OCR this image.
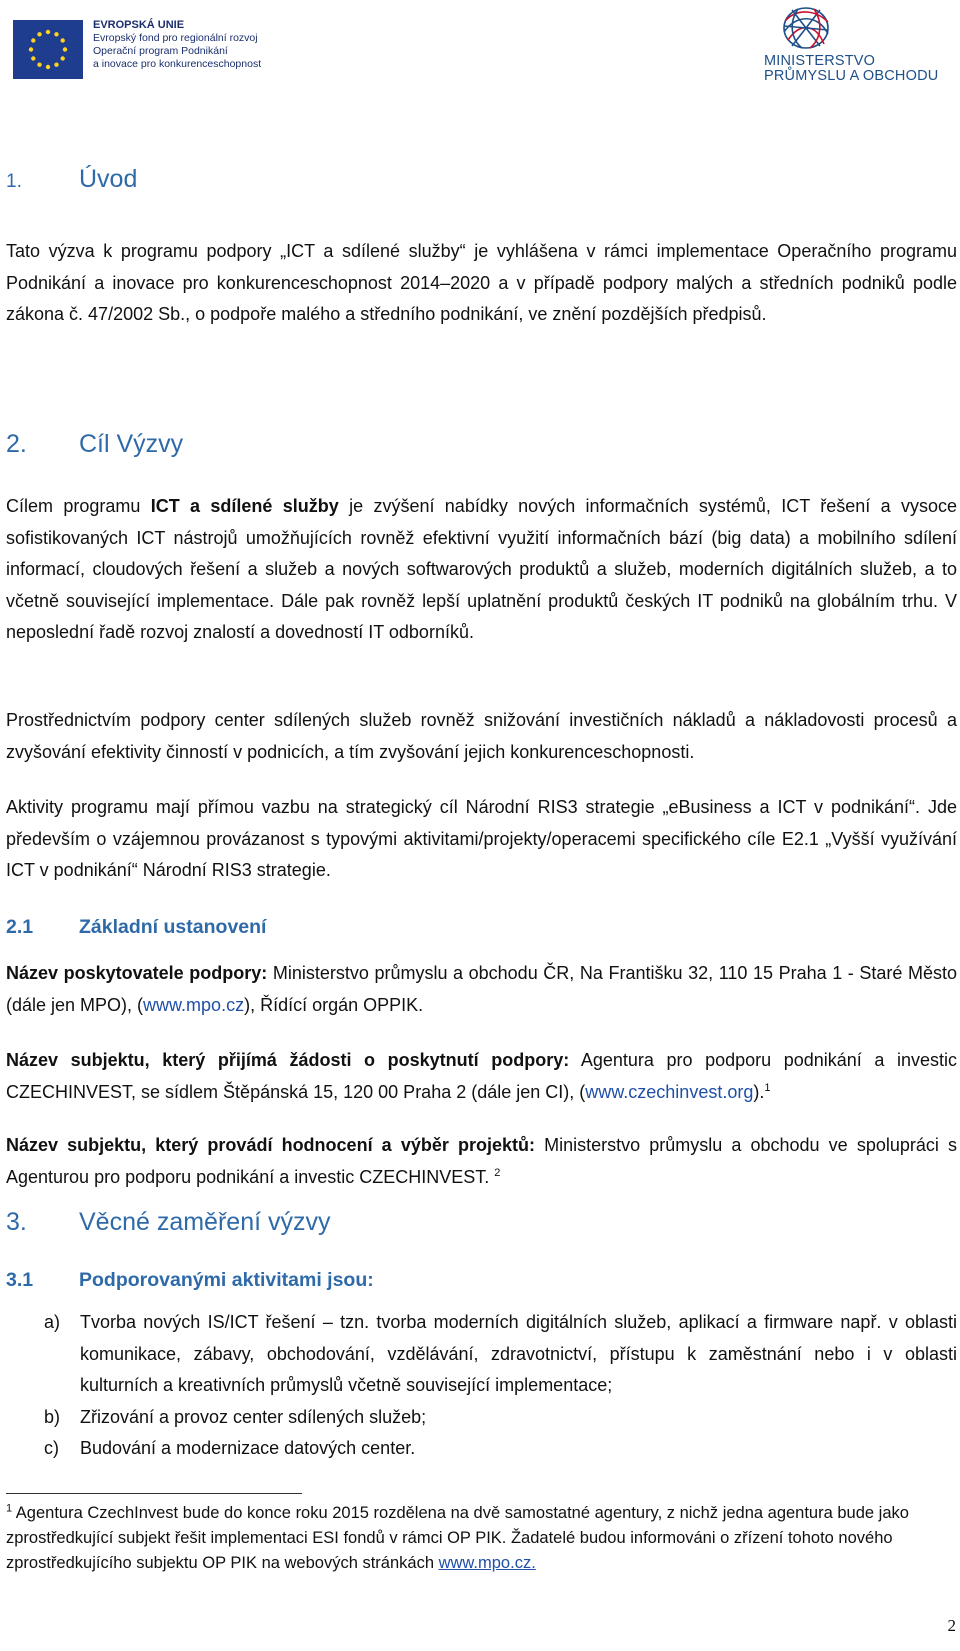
EVROPSKÁ UNIE
Evropský fond pro regionální rozvoj
Operační program Podnikání
a inovace pro konkurenceschopnost	MINISTERSTVO
PRŮMYSLU A OBCHODU
1. Úvod
Tato výzva k programu podpory „ICT a sdílené služby“ je vyhlášena v rámci implementace Operačního programu Podnikání a inovace pro konkurenceschopnost 2014–2020 a v případě podpory malých a středních podniků podle zákona č. 47/2002 Sb., o podpoře malého a středního podnikání, ve znění pozdějších předpisů.
2. Cíl Výzvy
Cílem programu ICT a sdílené služby je zvýšení nabídky nových informačních systémů, ICT řešení a vysoce sofistikovaných ICT nástrojů umožňujících rovněž efektivní využití informačních bází (big data) a mobilního sdílení informací, cloudových řešení a služeb a nových softwarových produktů a služeb, moderních digitálních služeb, a to včetně související implementace. Dále pak rovněž lepší uplatnění produktů českých IT podniků na globálním trhu. V neposlední řadě rozvoj znalostí a dovedností IT odborníků.
Prostřednictvím podpory center sdílených služeb rovněž snižování investičních nákladů a nákladovosti procesů a zvyšování efektivity činností v podnicích, a tím zvyšování jejich konkurenceschopnosti.
Aktivity programu mají přímou vazbu na strategický cíl Národní RIS3 strategie „eBusiness a ICT v podnikání“. Jde především o vzájemnou provázanost s typovými aktivitami/projekty/operacemi specifického cíle E2.1 „Vyšší využívání ICT v podnikání“ Národní RIS3 strategie.
2.1 Základní ustanovení
Název poskytovatele podpory: Ministerstvo průmyslu a obchodu ČR, Na Františku 32, 110 15 Praha 1 - Staré Město (dále jen MPO), (www.mpo.cz), Řídící orgán OPPIK.
Název subjektu, který přijímá žádosti o poskytnutí podpory: Agentura pro podporu podnikání a investic CZECHINVEST, se sídlem Štěpánská 15, 120 00 Praha 2 (dále jen CI), (www.czechinvest.org).$^1$
Název subjektu, který provádí hodnocení a výběr projektů: Ministerstvo průmyslu a obchodu ve spolupráci s Agenturou pro podporu podnikání a investic CZECHINVEST. $^2$
3. Věcné zaměření výzvy
3.1 Podporovanými aktivitami jsou:
a)	Tvorba nových IS/ICT řešení – tzn. tvorba moderních digitálních služeb, aplikací a firmware např. v oblasti komunikace, zábavy, obchodování, vzdělávání, zdravotnictví, přístupu k zaměstnání nebo i v oblasti kulturních a kreativních průmyslů včetně související implementace;
b)	Zřizování a provoz center sdílených služeb;
c)	Budování a modernizace datových center.
$^1$ Agentura CzechInvest bude do konce roku 2015 rozdělena na dvě samostatné agentury, z nichž jedna agentura bude jako zprostředkující subjekt řešit implementaci ESI fondů v rámci OP PIK. Žadatelé budou informováni o zřízení tohoto nového zprostředkujícího subjektu OP PIK na webových stránkách www.mpo.cz.
2
